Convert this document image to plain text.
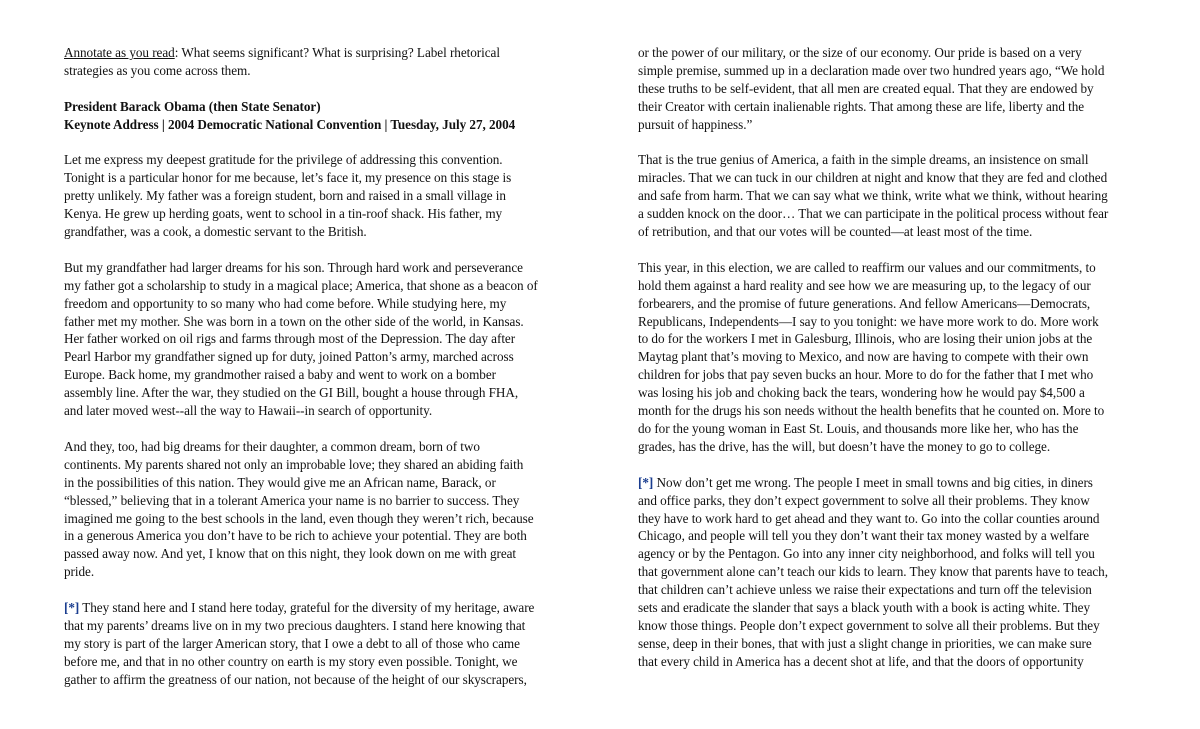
Annotate as you read: What seems significant? What is surprising? Label rhetorical
strategies as you come across them.
President Barack Obama (then State Senator)
Keynote Address | 2004 Democratic National Convention | Tuesday, July 27, 2004
Let me express my deepest gratitude for the privilege of addressing this convention.
Tonight is a particular honor for me because, let’s face it, my presence on this stage is
pretty unlikely. My father was a foreign student, born and raised in a small village in
Kenya. He grew up herding goats, went to school in a tin-roof shack. His father, my
grandfather, was a cook, a domestic servant to the British.
But my grandfather had larger dreams for his son. Through hard work and perseverance
my father got a scholarship to study in a magical place; America, that shone as a beacon of
freedom and opportunity to so many who had come before. While studying here, my
father met my mother. She was born in a town on the other side of the world, in Kansas.
Her father worked on oil rigs and farms through most of the Depression. The day after
Pearl Harbor my grandfather signed up for duty, joined Patton’s army, marched across
Europe. Back home, my grandmother raised a baby and went to work on a bomber
assembly line. After the war, they studied on the GI Bill, bought a house through FHA,
and later moved west--all the way to Hawaii--in search of opportunity.
And they, too, had big dreams for their daughter, a common dream, born of two
continents. My parents shared not only an improbable love; they shared an abiding faith
in the possibilities of this nation. They would give me an African name, Barack, or
“blessed,” believing that in a tolerant America your name is no barrier to success. They
imagined me going to the best schools in the land, even though they weren’t rich, because
in a generous America you don’t have to be rich to achieve your potential. They are both
passed away now. And yet, I know that on this night, they look down on me with great
pride.
[*] They stand here and I stand here today, grateful for the diversity of my heritage, aware
that my parents’ dreams live on in my two precious daughters. I stand here knowing that
my story is part of the larger American story, that I owe a debt to all of those who came
before me, and that in no other country on earth is my story even possible. Tonight, we
gather to affirm the greatness of our nation, not because of the height of our skyscrapers,
or the power of our military, or the size of our economy. Our pride is based on a very
simple premise, summed up in a declaration made over two hundred years ago, “We hold
these truths to be self-evident, that all men are created equal. That they are endowed by
their Creator with certain inalienable rights. That among these are life, liberty and the
pursuit of happiness.”
That is the true genius of America, a faith in the simple dreams, an insistence on small
miracles. That we can tuck in our children at night and know that they are fed and clothed
and safe from harm. That we can say what we think, write what we think, without hearing
a sudden knock on the door… That we can participate in the political process without fear
of retribution, and that our votes will be counted—at least most of the time.
This year, in this election, we are called to reaffirm our values and our commitments, to
hold them against a hard reality and see how we are measuring up, to the legacy of our
forbearers, and the promise of future generations. And fellow Americans—Democrats,
Republicans, Independents—I say to you tonight: we have more work to do. More work
to do for the workers I met in Galesburg, Illinois, who are losing their union jobs at the
Maytag plant that’s moving to Mexico, and now are having to compete with their own
children for jobs that pay seven bucks an hour. More to do for the father that I met who
was losing his job and choking back the tears, wondering how he would pay $4,500 a
month for the drugs his son needs without the health benefits that he counted on. More to
do for the young woman in East St. Louis, and thousands more like her, who has the
grades, has the drive, has the will, but doesn’t have the money to go to college.
[*] Now don’t get me wrong. The people I meet in small towns and big cities, in diners
and office parks, they don’t expect government to solve all their problems. They know
they have to work hard to get ahead and they want to. Go into the collar counties around
Chicago, and people will tell you they don’t want their tax money wasted by a welfare
agency or by the Pentagon. Go into any inner city neighborhood, and folks will tell you
that government alone can’t teach our kids to learn. They know that parents have to teach,
that children can’t achieve unless we raise their expectations and turn off the television
sets and eradicate the slander that says a black youth with a book is acting white. They
know those things. People don’t expect government to solve all their problems. But they
sense, deep in their bones, that with just a slight change in priorities, we can make sure
that every child in America has a decent shot at life, and that the doors of opportunity
